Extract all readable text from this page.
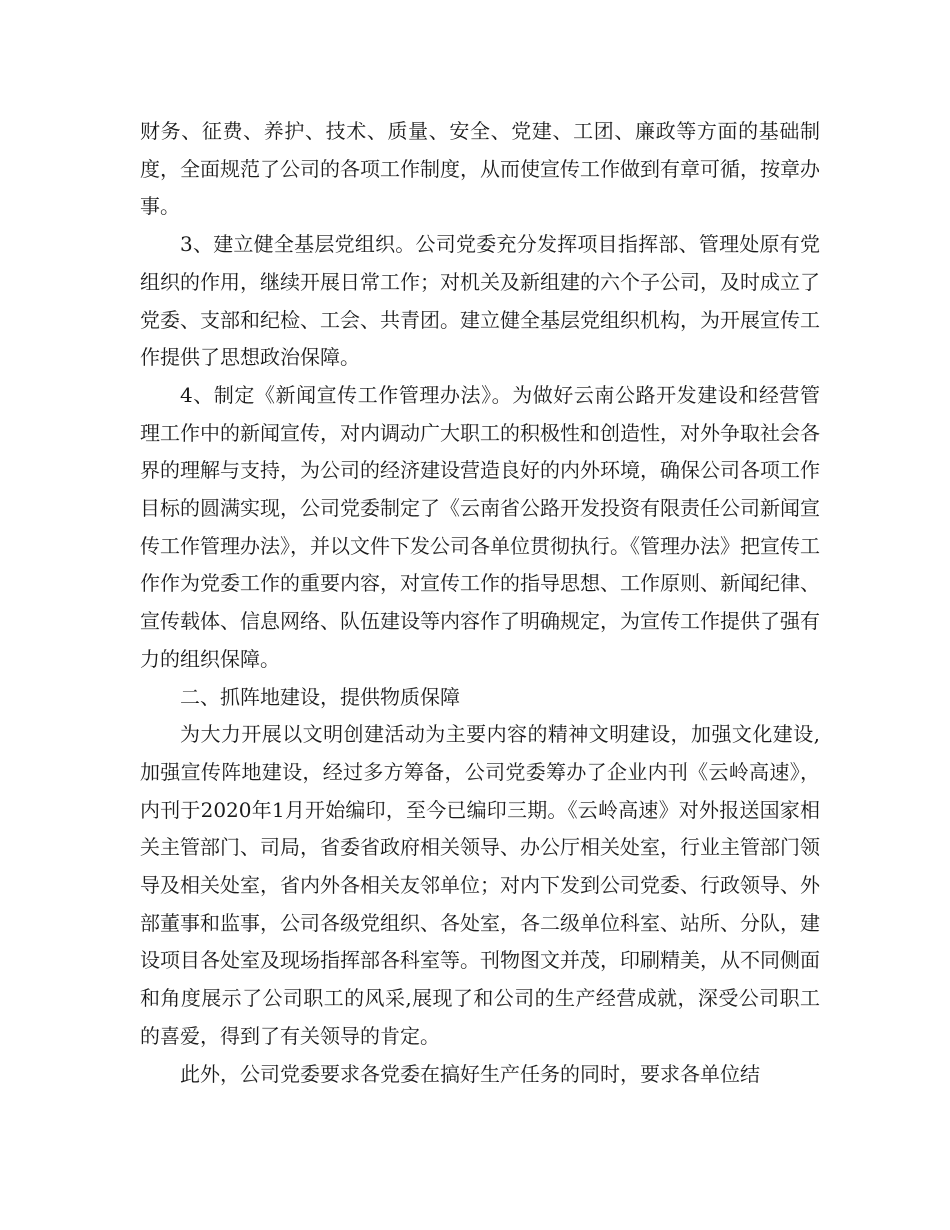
财务、征费、养护、技术、质量、安全、党建、工团、廉政等方面的基础制度，全面规范了公司的各项工作制度，从而使宣传工作做到有章可循，按章办事。

3、建立健全基层党组织。公司党委充分发挥项目指挥部、管理处原有党组织的作用，继续开展日常工作；对机关及新组建的六个子公司，及时成立了党委、支部和纪检、工会、共青团。建立健全基层党组织机构，为开展宣传工作提供了思想政治保障。

4、制定《新闻宣传工作管理办法》。为做好云南公路开发建设和经营管理工作中的新闻宣传，对内调动广大职工的积极性和创造性，对外争取社会各界的理解与支持，为公司的经济建设营造良好的内外环境，确保公司各项工作目标的圆满实现，公司党委制定了《云南省公路开发投资有限责任公司新闻宣传工作管理办法》，并以文件下发公司各单位贯彻执行。《管理办法》把宣传工作作为党委工作的重要内容，对宣传工作的指导思想、工作原则、新闻纪律、宣传载体、信息网络、队伍建设等内容作了明确规定，为宣传工作提供了强有力的组织保障。

二、抓阵地建设，提供物质保障

为大力开展以文明创建活动为主要内容的精神文明建设，加强文化建设,加强宣传阵地建设，经过多方筹备，公司党委筹办了企业内刊《云岭高速》，内刊于2020年1月开始编印，至今已编印三期。《云岭高速》对外报送国家相关主管部门、司局，省委省政府相关领导、办公厅相关处室，行业主管部门领导及相关处室，省内外各相关友邻单位；对内下发到公司党委、行政领导、外部董事和监事，公司各级党组织、各处室，各二级单位科室、站所、分队，建设项目各处室及现场指挥部各科室等。刊物图文并茂，印刷精美，从不同侧面和角度展示了公司职工的风采,展现了和公司的生产经营成就，深受公司职工的喜爱，得到了有关领导的肯定。

此外，公司党委要求各党委在搞好生产任务的同时，要求各单位结
